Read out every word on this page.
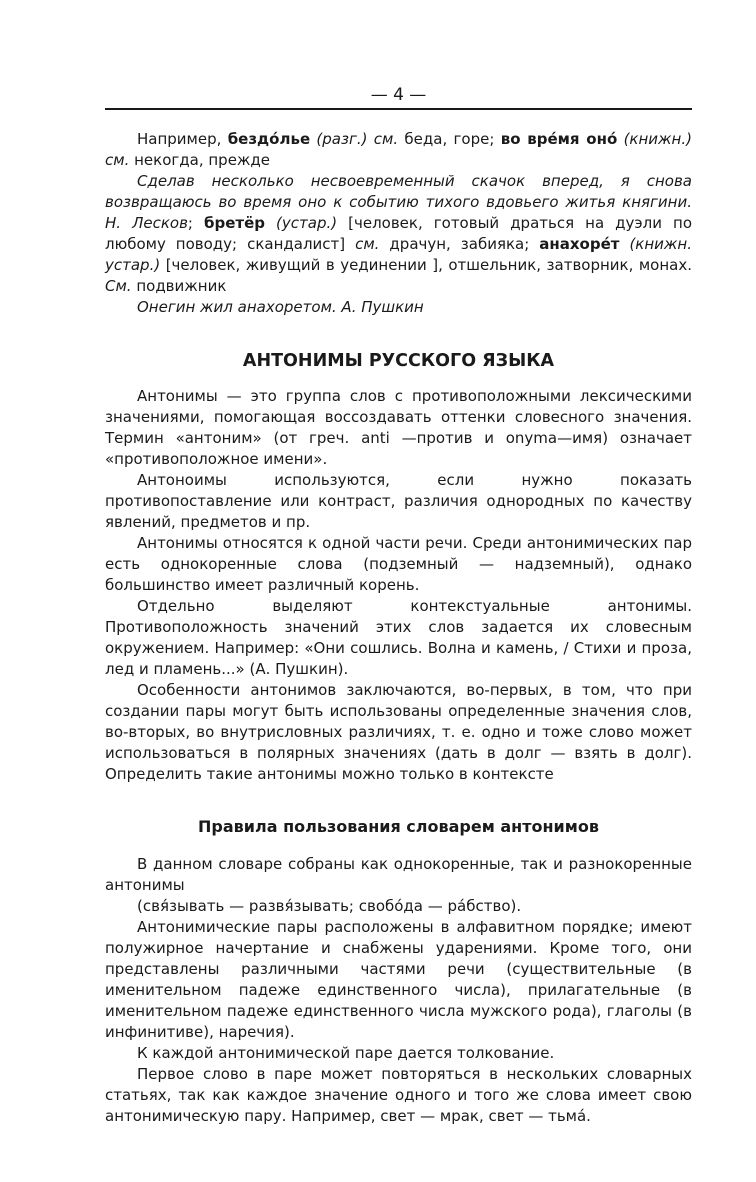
— 4 —

Например, бездóлье (разг.) см. беда, горе; во врéмя онó (книжн.) см. некогда, прежде

Сделав несколько несвоевременный скачок вперед, я снова возвращаюсь во время оно к событию тихого вдовьего житья княгини. Н. Лесков; бретёр (устар.) [человек, готовый драться на дуэли по любому поводу; скандалист] см. драчун, забияка; анахорéт (книжн. устар.) [человек, живущий в уединении ], отшельник, затворник, монах. См. подвижник

Онегин жил анахоретом. А. Пушкин

АНТОНИМЫ РУССКОГО ЯЗЫКА

Антонимы — это группа слов с противоположными лексическими значениями, помогающая воссоздавать оттенки словесного значения. Термин «антоним» (от греч. anti —против и onyma—имя) означает «противоположное имени».

Антоноимы используются, если нужно показать противопоставление или контраст, различия однородных по качеству явлений, предметов и пр.

Антонимы относятся к одной части речи. Среди антонимических пар есть однокоренные слова (подземный — надземный), однако большинство имеет различный корень.

Отдельно выделяют контекстуальные антонимы. Противоположность значений этих слов задается их словесным окружением. Например: «Они сошлись. Волна и камень, / Стихи и проза, лед и пламень...» (А. Пушкин).

Особенности антонимов заключаются, во-первых, в том, что при создании пары могут быть использованы определенные значения слов, во-вторых, во внутрисловных различиях, т. е. одно и тоже слово может использоваться в полярных значениях (дать в долг — взять в долг). Определить такие антонимы можно только в контексте

Правила пользования словарем антонимов

В данном словаре собраны как однокоренные, так и разнокоренные антонимы

(свя́зывать — развя́зывать; свобо́да — ра́бство).

Антонимические пары расположены в алфавитном порядке; имеют полужирное начертание и снабжены ударениями. Кроме того, они представлены различными частями речи (существительные (в именительном падеже единственного числа), прилагательные (в именительном падеже единственного числа мужского рода), глаголы (в инфинитиве), наречия).

К каждой антонимической паре дается толкование.

Первое слово в паре может повторяться в нескольких словарных статьях, так как каждое значение одного и того же слова имеет свою антонимическую пару. Например, свет — мрак, свет — тьма́.
